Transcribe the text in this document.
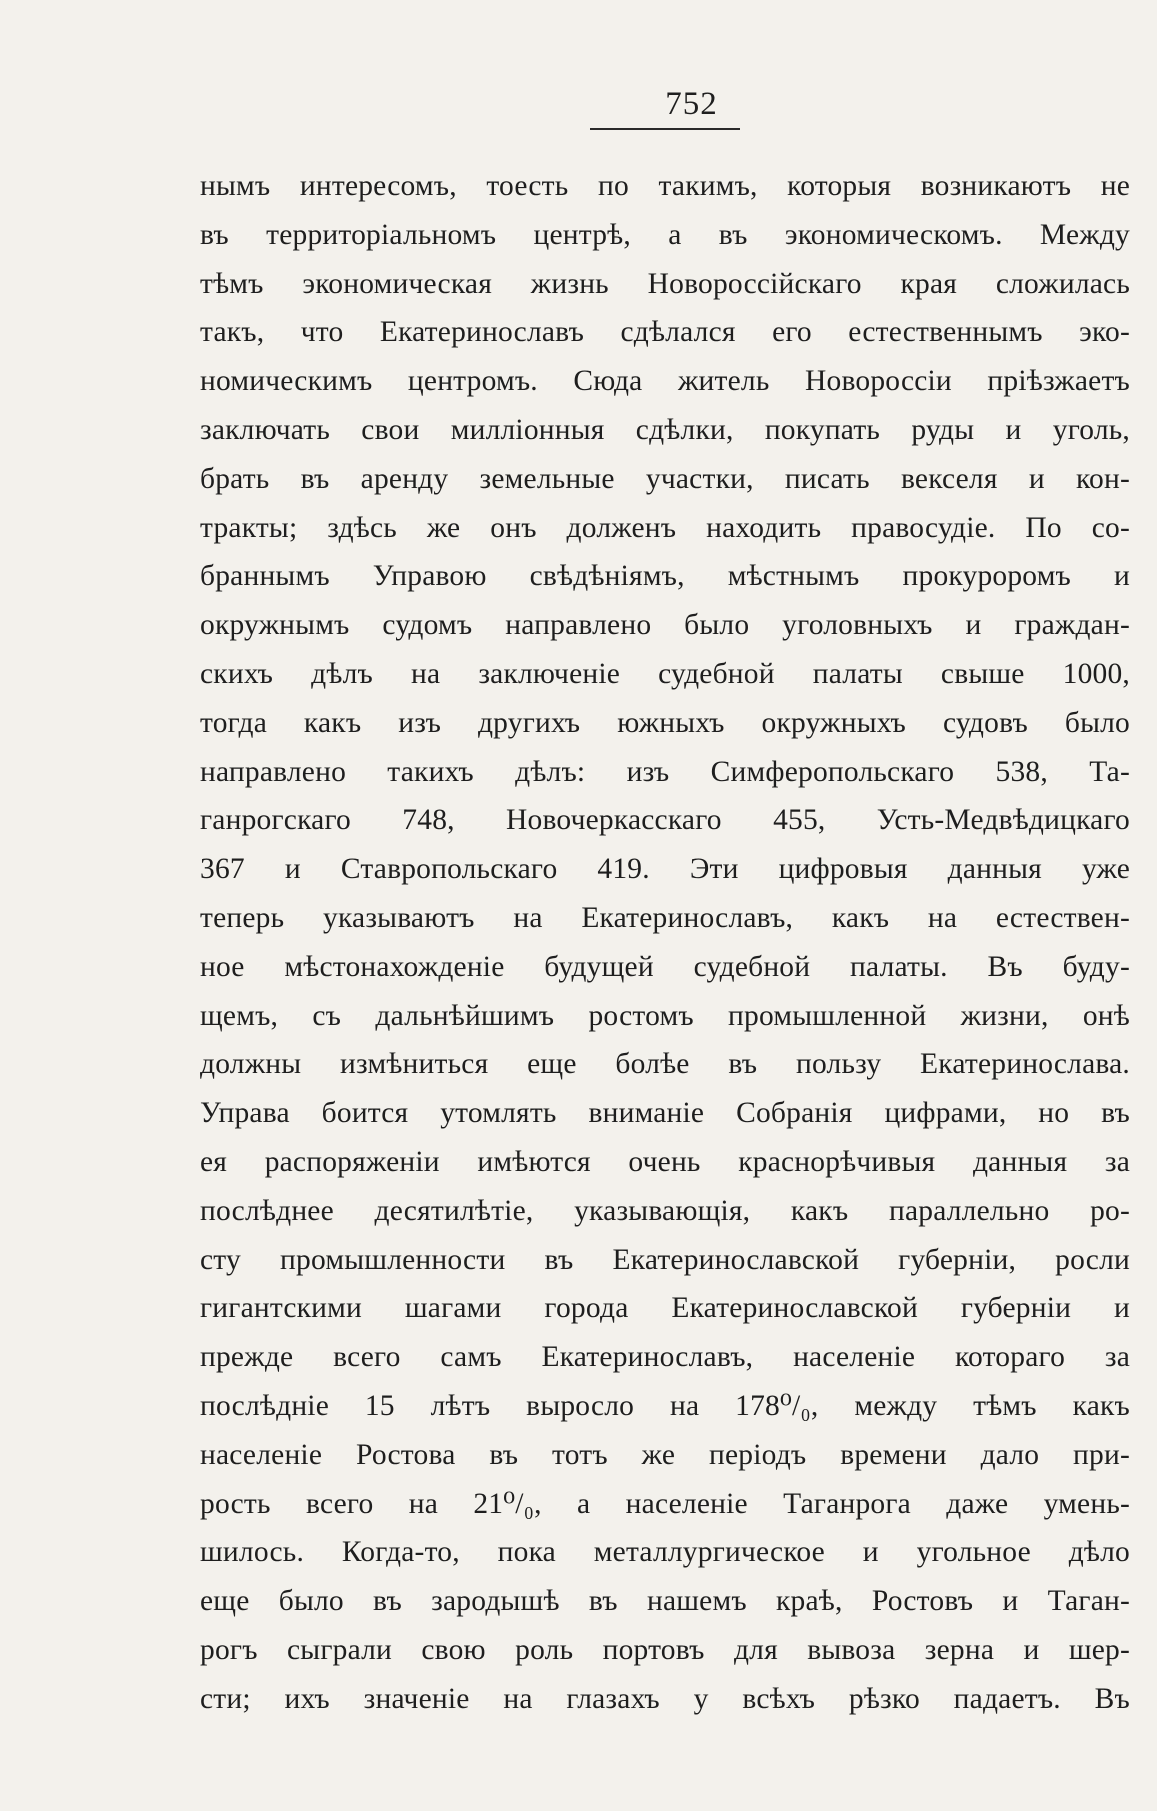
752
нымъ интересомъ, тоесть по такимъ, которыя возникаютъ не
въ территоріальномъ центрѣ, а въ экономическомъ. Между
тѣмъ экономическая жизнь Новороссійскаго края сложилась
такъ, что Екатеринославъ сдѣлался его естественнымъ эко-
номическимъ центромъ. Сюда житель Новороссіи пріѣзжаетъ
заключать свои милліонныя сдѣлки, покупать руды и уголь,
брать въ аренду земельные участки, писать векселя и кон-
тракты; здѣсь же онъ долженъ находить правосудіе. По со-
браннымъ Управою свѣдѣніямъ, мѣстнымъ прокуроромъ и
окружнымъ судомъ направлено было уголовныхъ и граждан-
скихъ дѣлъ на заключеніе судебной палаты свыше 1000,
тогда какъ изъ другихъ южныхъ окружныхъ судовъ было
направлено такихъ дѣлъ: изъ Симферопольскаго 538, Та-
ганрогскаго 748, Новочеркасскаго 455, Усть-Медвѣдицкаго
367 и Ставропольскаго 419. Эти цифровыя данныя уже
теперь указываютъ на Екатеринославъ, какъ на естествен-
ное мѣстонахожденіе будущей судебной палаты. Въ буду-
щемъ, съ дальнѣйшимъ ростомъ промышленной жизни, онѣ
должны измѣниться еще болѣе въ пользу Екатеринослава.
Управа боится утомлять вниманіе Собранія цифрами, но въ
ея распоряженіи имѣются очень краснорѣчивыя данныя за
послѣднее десятилѣтіе, указывающія, какъ параллельно ро-
сту промышленности въ Екатеринославской губерніи, росли
гигантскими шагами города Екатеринославской губерніи и
прежде всего самъ Екатеринославъ, населеніе котораго за
послѣдніе 15 лѣтъ выросло на 178⁰/₀, между тѣмъ какъ
населеніе Ростова въ тотъ же періодъ времени дало при-
рость всего на 21⁰/₀, а населеніе Таганрога даже умень-
шилось. Когда-то, пока металлургическое и угольное дѣло
еще было въ зародышѣ въ нашемъ краѣ, Ростовъ и Таган-
рогъ сыграли свою роль портовъ для вывоза зерна и шер-
сти; ихъ значеніе на глазахъ у всѣхъ рѣзко падаетъ. Въ
